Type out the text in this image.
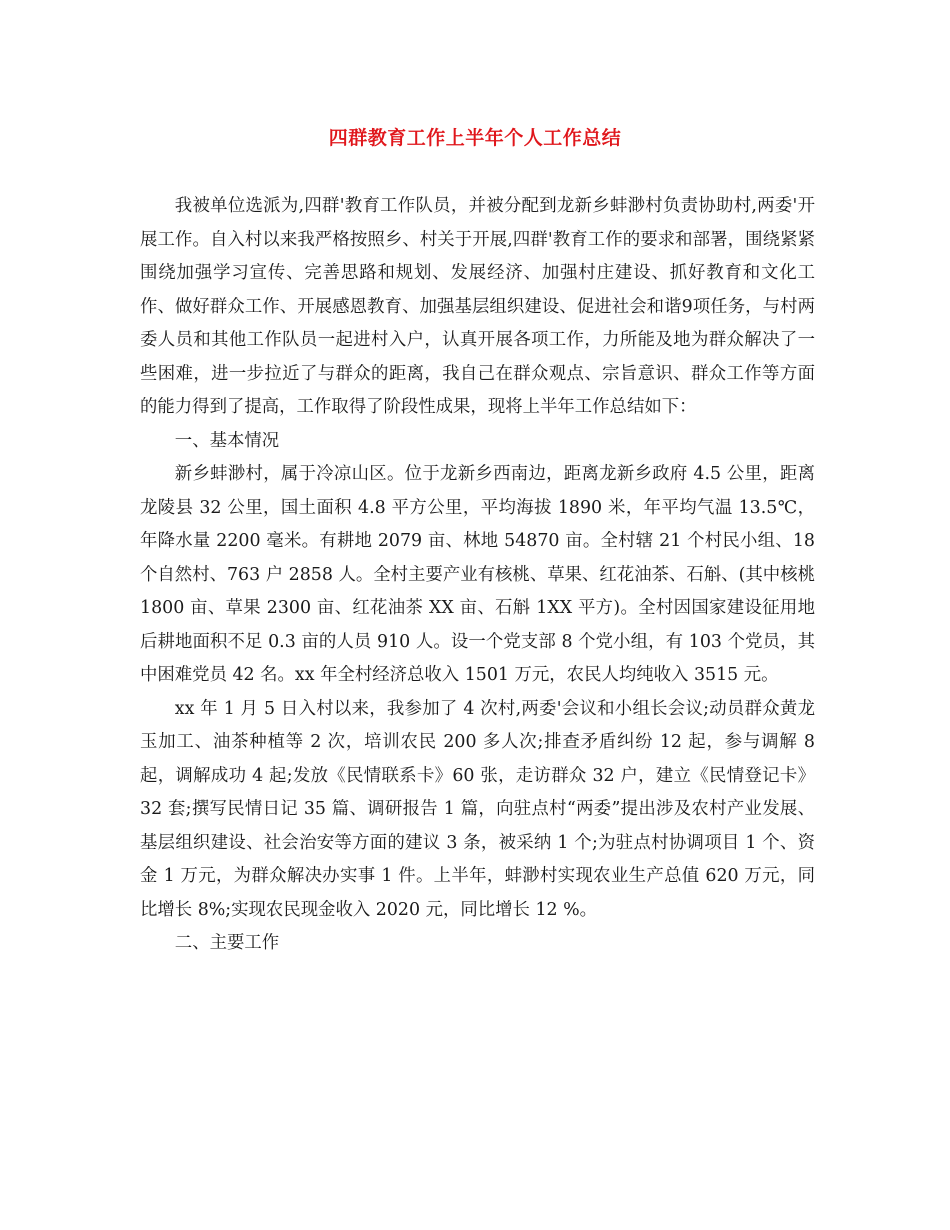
四群教育工作上半年个人工作总结

我被单位选派为,四群'教育工作队员，并被分配到龙新乡蚌渺村负责协助村,两委'开展工作。自入村以来我严格按照乡、村关于开展,四群'教育工作的要求和部署，围绕紧紧围绕加强学习宣传、完善思路和规划、发展经济、加强村庄建设、抓好教育和文化工作、做好群众工作、开展感恩教育、加强基层组织建设、促进社会和谐9项任务，与村两委人员和其他工作队员一起进村入户，认真开展各项工作，力所能及地为群众解决了一些困难，进一步拉近了与群众的距离，我自己在群众观点、宗旨意识、群众工作等方面的能力得到了提高，工作取得了阶段性成果，现将上半年工作总结如下：

一、基本情况

新乡蚌渺村，属于冷凉山区。位于龙新乡西南边，距离龙新乡政府 4.5 公里，距离龙陵县 32 公里，国土面积 4.8 平方公里，平均海拔 1890 米，年平均气温 13.5℃，年降水量 2200 毫米。有耕地 2079 亩、林地 54870 亩。全村辖 21 个村民小组、18 个自然村、763 户 2858 人。全村主要产业有核桃、草果、红花油茶、石斛、(其中核桃 1800 亩、草果 2300 亩、红花油茶 XX 亩、石斛 1XX 平方)。全村因国家建设征用地后耕地面积不足 0.3 亩的人员 910 人。设一个党支部 8 个党小组，有 103 个党员，其中困难党员 42 名。xx 年全村经济总收入 1501 万元，农民人均纯收入 3515 元。

xx 年 1 月 5 日入村以来，我参加了 4 次村,两委'会议和小组长会议;动员群众黄龙玉加工、油茶种植等 2 次，培训农民 200 多人次;排查矛盾纠纷 12 起，参与调解 8 起，调解成功 4 起;发放《民情联系卡》60 张，走访群众 32 户，建立《民情登记卡》32 套;撰写民情日记 35 篇、调研报告 1 篇，向驻点村“两委”提出涉及农村产业发展、基层组织建设、社会治安等方面的建议 3 条，被采纳 1 个;为驻点村协调项目 1 个、资金 1 万元，为群众解决办实事 1 件。上半年，蚌渺村实现农业生产总值 620 万元，同比增长 8%;实现农民现金收入 2020 元，同比增长 12 %。

二、主要工作
